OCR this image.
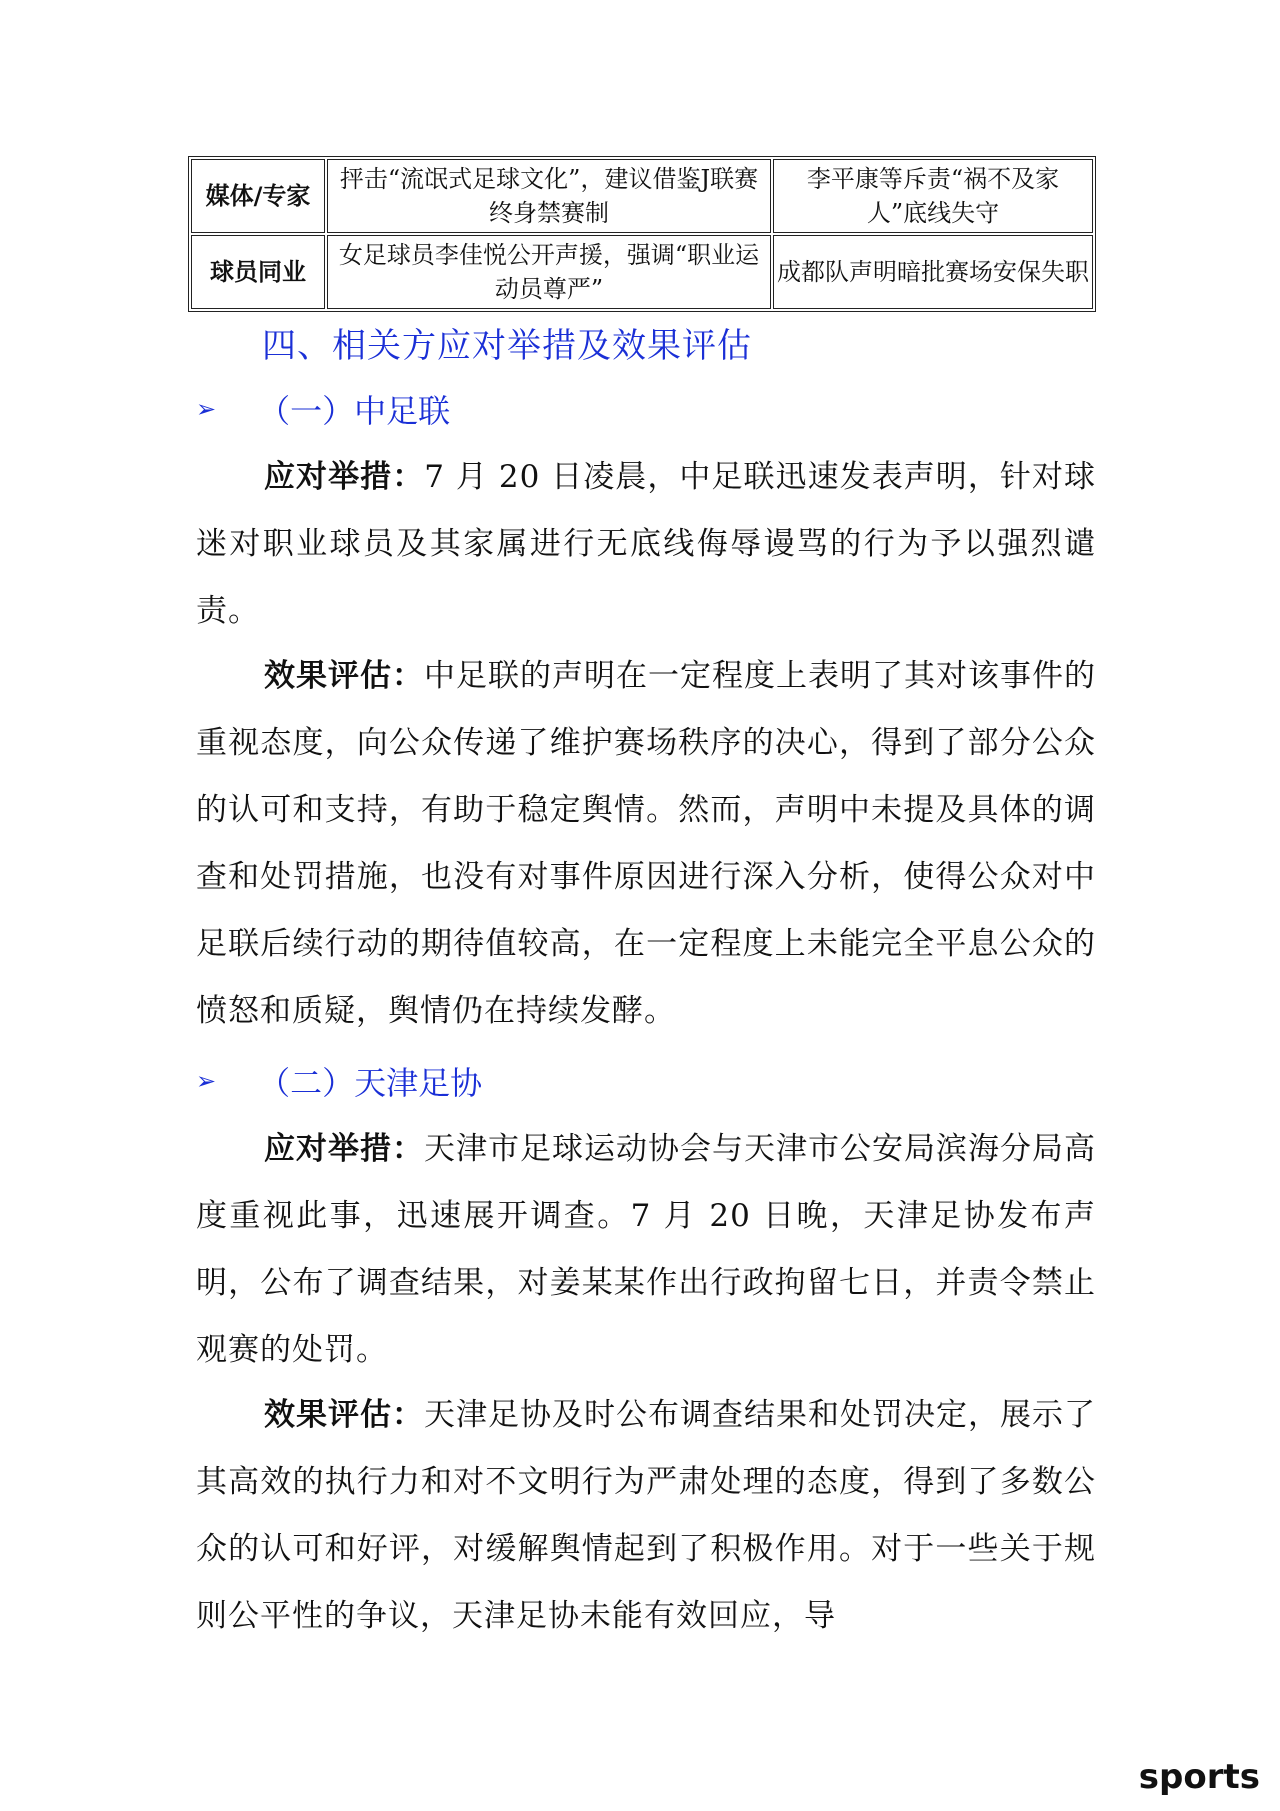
媒体/专家	抨击“流氓式足球文化”，建议借鉴J联赛终身禁赛制	李平康等斥责“祸不及家人”底线失守
球员同业	女足球员李佳悦公开声援，强调“职业运动员尊严”	成都队声明暗批赛场安保失职
四、相关方应对举措及效果评估
➢ （一）中足联

应对举措：7 月 20 日凌晨，中足联迅速发表声明，针对球迷对职业球员及其家属进行无底线侮辱谩骂的行为予以强烈谴责。

效果评估：中足联的声明在一定程度上表明了其对该事件的重视态度，向公众传递了维护赛场秩序的决心，得到了部分公众的认可和支持，有助于稳定舆情。然而，声明中未提及具体的调查和处罚措施，也没有对事件原因进行深入分析，使得公众对中足联后续行动的期待值较高，在一定程度上未能完全平息公众的愤怒和质疑，舆情仍在持续发酵。

➢ （二）天津足协

应对举措：天津市足球运动协会与天津市公安局滨海分局高度重视此事，迅速展开调查。7 月 20 日晚，天津足协发布声明，公布了调查结果，对姜某某作出行政拘留七日，并责令禁止观赛的处罚。

效果评估：天津足协及时公布调查结果和处罚决定，展示了其高效的执行力和对不文明行为严肃处理的态度，得到了多数公众的认可和好评，对缓解舆情起到了积极作用。对于一些关于规则公平性的争议，天津足协未能有效回应，导

sports
